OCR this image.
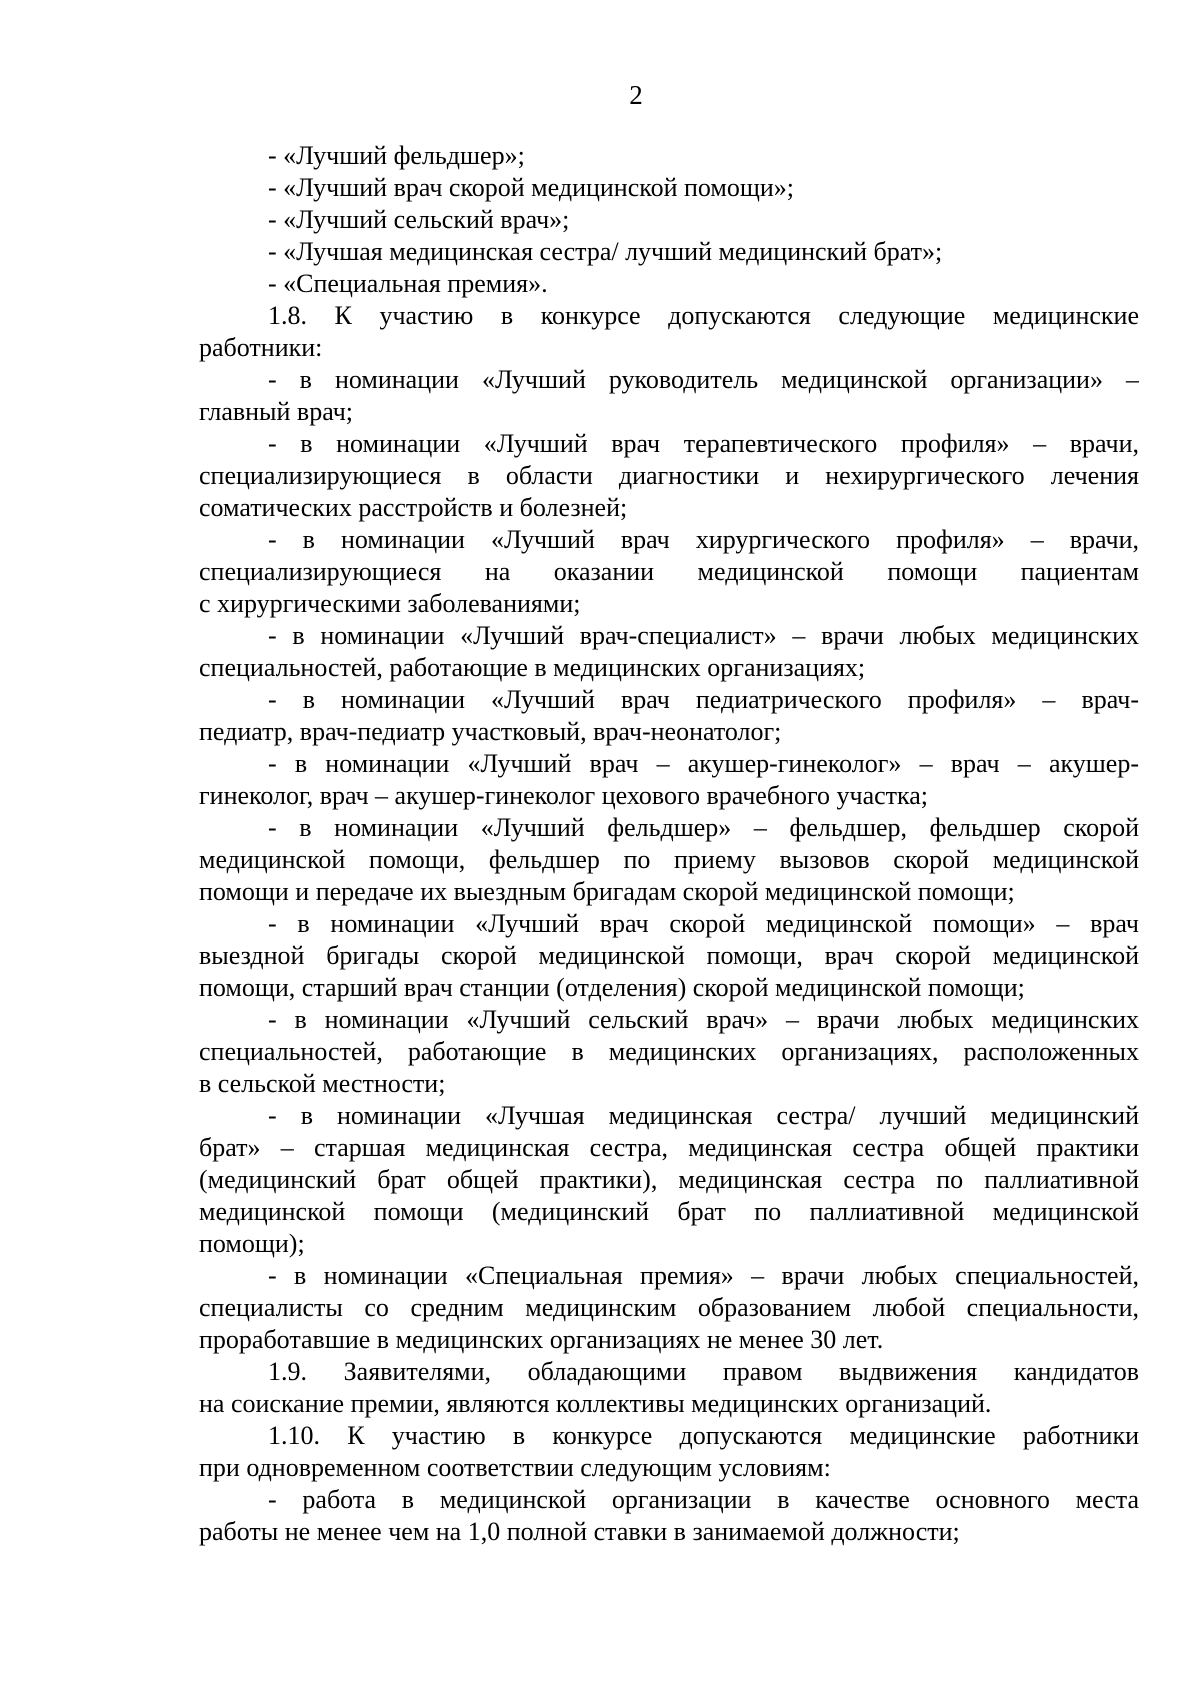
2
- «Лучший фельдшер»;
- «Лучший врач скорой медицинской помощи»;
- «Лучший сельский врач»;
- «Лучшая медицинская сестра/ лучший медицинский брат»;
- «Специальная премия».
1.8. К участию в конкурсе допускаются следующие медицинские
работники:
- в номинации «Лучший руководитель медицинской организации» –
главный врач;
- в номинации «Лучший врач терапевтического профиля» – врачи,
специализирующиеся в области диагностики и нехирургического лечения
соматических расстройств и болезней;
- в номинации «Лучший врач хирургического профиля» – врачи,
специализирующиеся на оказании медицинской помощи пациентам
с хирургическими заболеваниями;
- в номинации «Лучший врач-специалист» – врачи любых медицинских
специальностей, работающие в медицинских организациях;
- в номинации «Лучший врач педиатрического профиля» – врач-
педиатр, врач-педиатр участковый, врач-неонатолог;
- в номинации «Лучший врач – акушер-гинеколог» – врач – акушер-
гинеколог, врач – акушер-гинеколог цехового врачебного участка;
- в номинации «Лучший фельдшер» – фельдшер, фельдшер скорой
медицинской помощи, фельдшер по приему вызовов скорой медицинской
помощи и передаче их выездным бригадам скорой медицинской помощи;
- в номинации «Лучший врач скорой медицинской помощи» – врач
выездной бригады скорой медицинской помощи, врач скорой медицинской
помощи, старший врач станции (отделения) скорой медицинской помощи;
- в номинации «Лучший сельский врач» – врачи любых медицинских
специальностей, работающие в медицинских организациях, расположенных
в сельской местности;
- в номинации «Лучшая медицинская сестра/ лучший медицинский
брат» – старшая медицинская сестра, медицинская сестра общей практики
(медицинский брат общей практики), медицинская сестра по паллиативной
медицинской помощи (медицинский брат по паллиативной медицинской
помощи);
- в номинации «Специальная премия» – врачи любых специальностей,
специалисты со средним медицинским образованием любой специальности,
проработавшие в медицинских организациях не менее 30 лет.
1.9. Заявителями, обладающими правом выдвижения кандидатов
на соискание премии, являются коллективы медицинских организаций.
1.10. К участию в конкурсе допускаются медицинские работники
при одновременном соответствии следующим условиям:
- работа в медицинской организации в качестве основного места
работы не менее чем на 1,0 полной ставки в занимаемой должности;
